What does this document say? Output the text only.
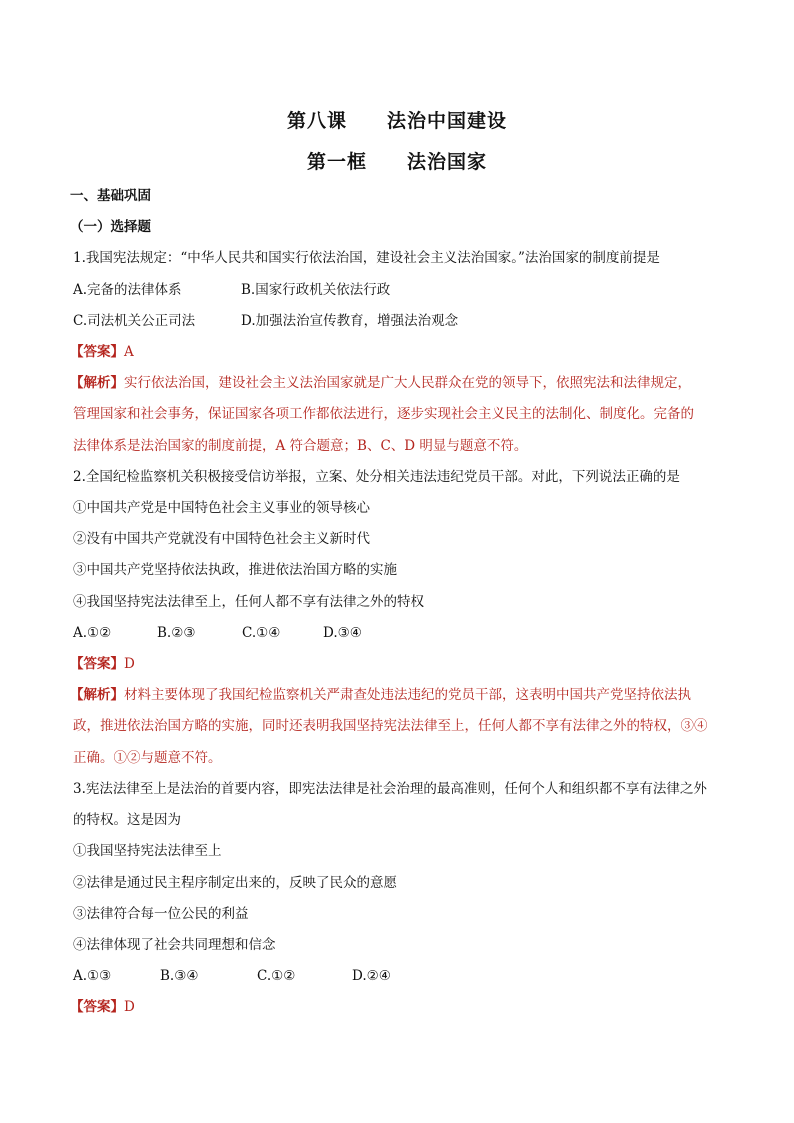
第八课　　法治中国建设
第一框　　法治国家
一、基础巩固
（一）选择题
1.我国宪法规定：“中华人民共和国实行依法治国，建设社会主义法治国家。”法治国家的制度前提是
A.完备的法律体系	B.国家行政机关依法行政
C.司法机关公正司法	D.加强法治宣传教育，增强法治观念
【答案】A
【解析】实行依法治国，建设社会主义法治国家就是广大人民群众在党的领导下，依照宪法和法律规定，
管理国家和社会事务，保证国家各项工作都依法进行，逐步实现社会主义民主的法制化、制度化。完备的
法律体系是法治国家的制度前提，A 符合题意；B、C、D 明显与题意不符。
2.全国纪检监察机关积极接受信访举报，立案、处分相关违法违纪党员干部。对此，下列说法正确的是
①中国共产党是中国特色社会主义事业的领导核心
②没有中国共产党就没有中国特色社会主义新时代
③中国共产党坚持依法执政，推进依法治国方略的实施
④我国坚持宪法法律至上，任何人都不享有法律之外的特权
A.①②	B.②③	C.①④	D.③④
【答案】D
【解析】材料主要体现了我国纪检监察机关严肃查处违法违纪的党员干部，这表明中国共产党坚持依法执
政，推进依法治国方略的实施，同时还表明我国坚持宪法法律至上，任何人都不享有法律之外的特权，③④
正确。①②与题意不符。
3.宪法法律至上是法治的首要内容，即宪法法律是社会治理的最高准则，任何个人和组织都不享有法律之外
的特权。这是因为
①我国坚持宪法法律至上
②法律是通过民主程序制定出来的，反映了民众的意愿
③法律符合每一位公民的利益
④法律体现了社会共同理想和信念
A.①③	B.③④	C.①②	D.②④
【答案】D
